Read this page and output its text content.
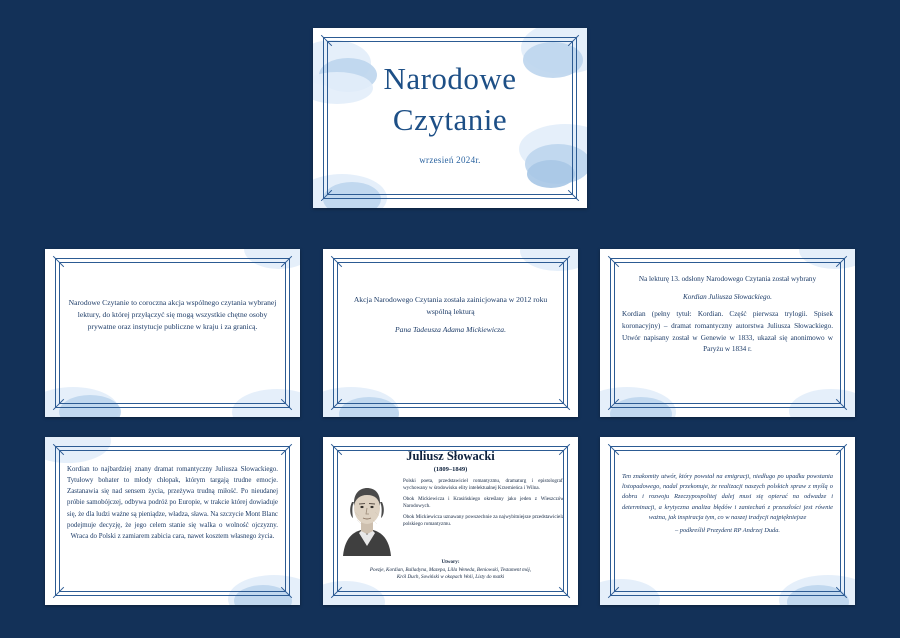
Narodowe
Czytanie
wrzesień 2024r.

Narodowe Czytanie to coroczna akcja wspólnego czytania wybranej lektury, do której przyłączyć się mogą wszystkie chętne osoby prywatne oraz instytucje publiczne w kraju i za granicą.

Akcja Narodowego Czytania została zainicjowana w 2012 roku wspólną lekturą

Pana Tadeusza Adama Mickiewicza.

Na lekturę 13. odsłony Narodowego Czytania został wybrany

Kordian Juliusza Słowackiego.

Kordian (pełny tytuł: Kordian. Część pierwsza trylogii. Spisek koronacyjny) – dramat romantyczny autorstwa Juliusza Słowackiego. Utwór napisany został w Genewie w 1833, ukazał się anonimowo w Paryżu w 1834 r.

Kordian to najbardziej znany dramat romantyczny Juliusza Słowackiego. Tytułowy bohater to młody chłopak, którym targają trudne emocje. Zastanawia się nad sensem życia, przeżywa trudną miłość. Po nieudanej próbie samobójczej, odbywa podróż po Europie, w trakcie której dowiaduje się, że dla ludzi ważne są pieniądze, władza, sława. Na szczycie Mont Blanc podejmuje decyzję, że jego celem stanie się walka o wolność ojczyzny. Wraca do Polski z zamiarem zabicia cara, nawet kosztem własnego życia.

Juliusz Słowacki
(1809–1849)

Polski poeta, przedstawiciel romantyzmu, dramaturg i epistolograf; wychowany w środowisku elity intelektualnej Krzemieńca i Wilna.

Obok Mickiewicza i Krasińskiego określany jako jeden z Wieszczów Narodowych.

Obok Mickiewicza uznawany powszechnie za najwybitniejsze przedstawiciela polskiego romantyzmu.

Utwory:
Poezje, Kordian, Balladyna, Mazepa, Lilla Weneda, Beniowski, Testament mój,
Król Duch, Sowiński w okopach Woli, Listy do matki

Ten znakomity utwór, który powstał na emigracji, niedługo po upadku powstania listopadowego, nadal przekonuje, że realizacji naszych polskich spraw z myślą o dobru i rozwoju Rzeczypospolitej dalej musi się opierać na odwadze i determinacji, a krytyczna analiza błędów i zaniechań z przeszłości jest równie ważna, jak inspiracja tym, co w naszej tradycji najpiękniejsze

– podkreślił Prezydent RP Andrzej Duda.
